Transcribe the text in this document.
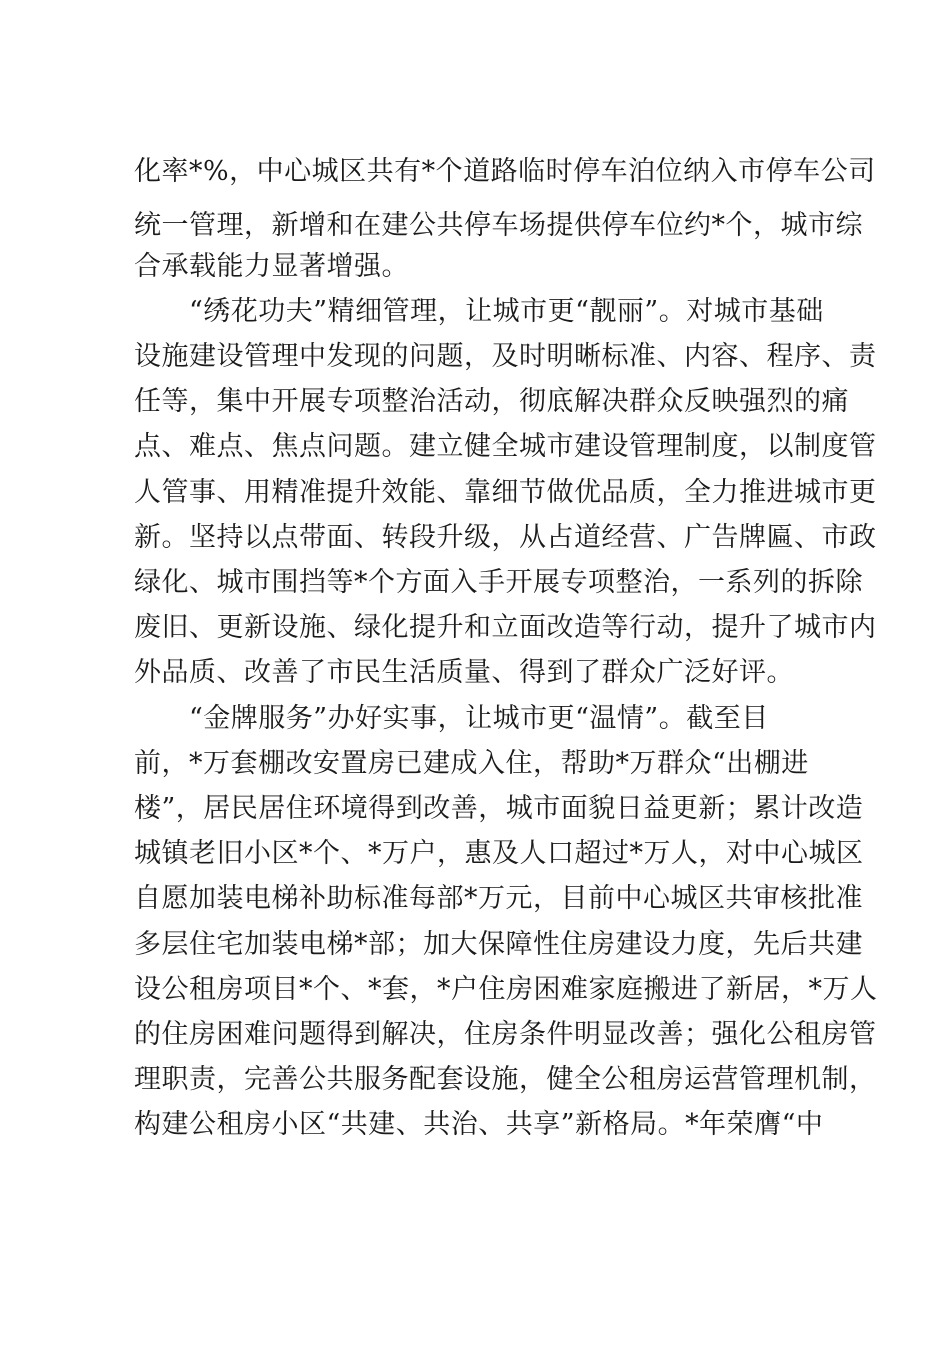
化率*%，中心城区共有*个道路临时停车泊位纳入市停车公司

统一管理，新增和在建公共停车场提供停车位约*个，城市综

合承载能力显著增强。

“绣花功夫”精细管理，让城市更“靓丽”。对城市基础

设施建设管理中发现的问题，及时明晰标准、内容、程序、责

任等，集中开展专项整治活动，彻底解决群众反映强烈的痛

点、难点、焦点问题。建立健全城市建设管理制度，以制度管

人管事、用精准提升效能、靠细节做优品质，全力推进城市更

新。坚持以点带面、转段升级，从占道经营、广告牌匾、市政

绿化、城市围挡等*个方面入手开展专项整治，一系列的拆除

废旧、更新设施、绿化提升和立面改造等行动，提升了城市内

外品质、改善了市民生活质量、得到了群众广泛好评。

“金牌服务”办好实事，让城市更“温情”。截至目

前，*万套棚改安置房已建成入住，帮助*万群众“出棚进

楼”，居民居住环境得到改善，城市面貌日益更新；累计改造

城镇老旧小区*个、*万户，惠及人口超过*万人，对中心城区

自愿加装电梯补助标准每部*万元，目前中心城区共审核批准

多层住宅加装电梯*部；加大保障性住房建设力度，先后共建

设公租房项目*个、*套，*户住房困难家庭搬进了新居，*万人

的住房困难问题得到解决，住房条件明显改善；强化公租房管

理职责，完善公共服务配套设施，健全公租房运营管理机制，

构建公租房小区“共建、共治、共享”新格局。*年荣膺“中
